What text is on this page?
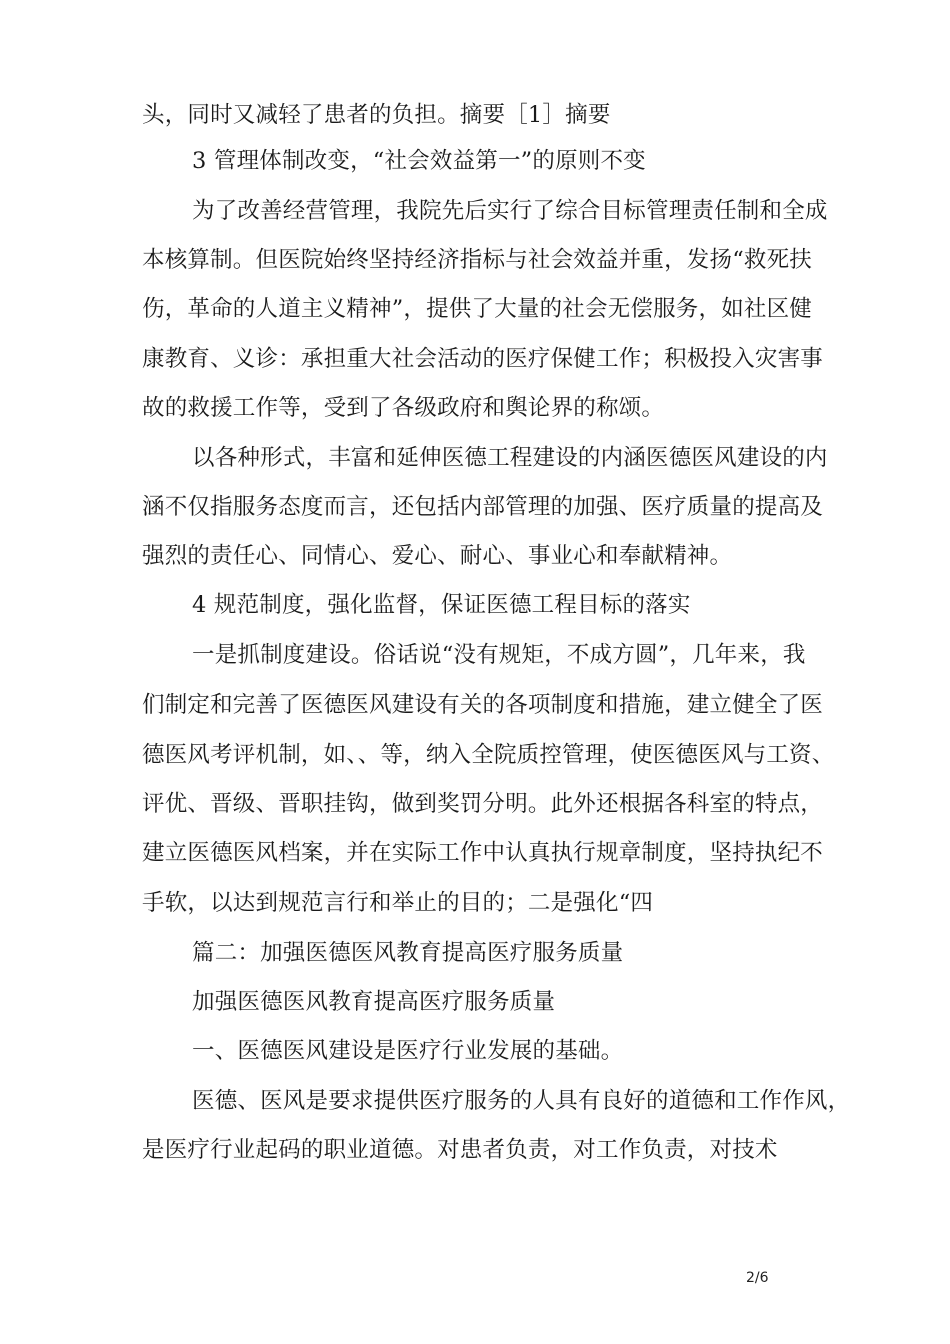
头，同时又减轻了患者的负担。摘要［1］摘要
3 管理体制改变，“社会效益第一”的原则不变
为了改善经营管理，我院先后实行了综合目标管理责任制和全成
本核算制。但医院始终坚持经济指标与社会效益并重，发扬“救死扶
伤，革命的人道主义精神”，提供了大量的社会无偿服务，如社区健
康教育、义诊：承担重大社会活动的医疗保健工作；积极投入灾害事
故的救援工作等，受到了各级政府和舆论界的称颂。
以各种形式，丰富和延伸医德工程建设的内涵医德医风建设的内
涵不仅指服务态度而言，还包括内部管理的加强、医疗质量的提高及
强烈的责任心、同情心、爱心、耐心、事业心和奉献精神。
4 规范制度，强化监督，保证医德工程目标的落实
一是抓制度建设。俗话说“没有规矩，不成方圆”，几年来，我
们制定和完善了医德医风建设有关的各项制度和措施，建立健全了医
德医风考评机制，如、、等，纳入全院质控管理，使医德医风与工资、
评优、晋级、晋职挂钩，做到奖罚分明。此外还根据各科室的特点，
建立医德医风档案，并在实际工作中认真执行规章制度，坚持执纪不
手软，以达到规范言行和举止的目的；二是强化“四
篇二：加强医德医风教育提高医疗服务质量
加强医德医风教育提高医疗服务质量
一、医德医风建设是医疗行业发展的基础。
医德、医风是要求提供医疗服务的人具有良好的道德和工作作风，
是医疗行业起码的职业道德。对患者负责，对工作负责，对技术
2/6
